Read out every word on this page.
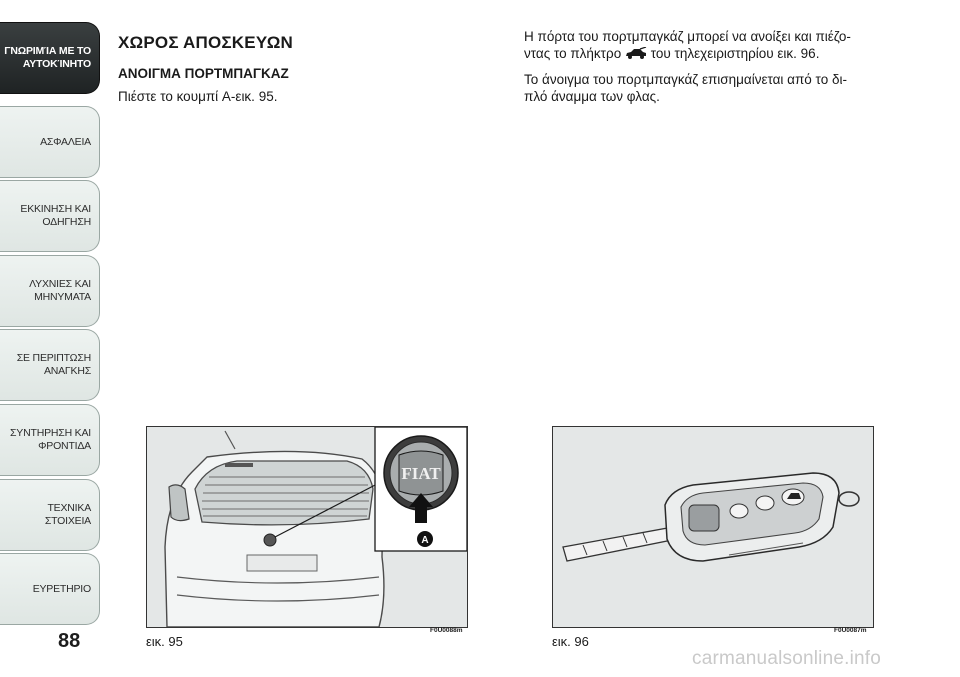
ΓΝΩΡΙΜΊΑ ΜΕ ΤΟ
ΑΥΤΟΚΊΝΗΤΟ
ΑΣΦΑΛΕΙΑ
ΕΚΚΙΝΗΣΗ ΚΑΙ
ΟΔΗΓΗΣΗ
ΛΥΧΝΙΕΣ ΚΑΙ
ΜΗΝΥΜΑΤΑ
ΣΕ ΠΕΡΙΠΤΩΣΗ
ΑΝΑΓΚΗΣ
ΣΥΝΤΗΡΗΣΗ ΚΑΙ
ΦΡΟΝΤΙΔΑ
ΤΕΧΝΙΚΑ ΣΤΟΙΧΕΙΑ
ΕΥΡΕΤΗΡΙΟ
88
ΧΩΡΟΣ ΑΠΟΣΚΕΥΩΝ
ΑΝΟΙΓΜΑ ΠΟΡΤΜΠΑΓΚΑΖ
Πιέστε το κουμπί A-εικ. 95.
Η πόρτα του πορτμπαγκάζ μπορεί να ανοίξει και πιέζο-
ντας το πλήκτρο του τηλεχειριστηρίου εικ. 96.
Το άνοιγμα του πορτμπαγκάζ επισημαίνεται από το δι-
πλό άναμμα των φλας.
FIAT
A
εικ. 95
F0U0088m
εικ. 96
F0U0087m
carmanualsonline.info
